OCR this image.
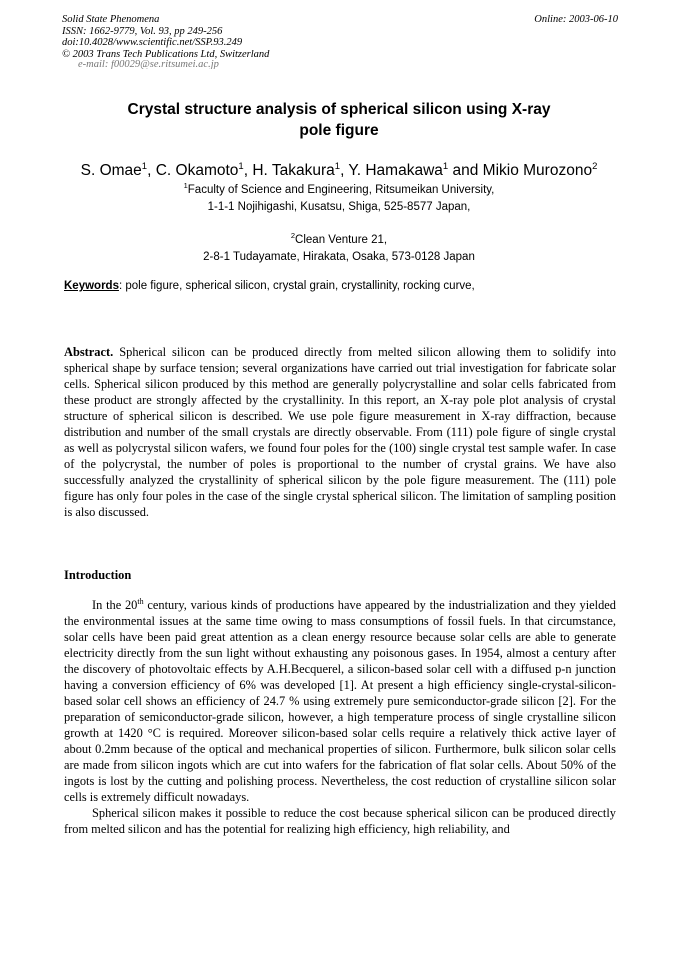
Solid State Phenomena
ISSN: 1662-9779, Vol. 93, pp 249-256
doi:10.4028/www.scientific.net/SSP.93.249
© 2003 Trans Tech Publications Ltd, Switzerland
e-mail: f00029@se.ritsumei.ac.jp
Online: 2003-06-10
Crystal structure analysis of spherical silicon using X-ray
pole figure
S. Omae$^1$, C. Okamoto$^1$, H. Takakura$^1$, Y. Hamakawa$^1$ and Mikio Murozono$^2$
$^1$Faculty of Science and Engineering, Ritsumeikan University,
1-1-1 Nojihigashi, Kusatsu, Shiga, 525-8577 Japan,
$^2$Clean Venture 21,
2-8-1 Tudayamate, Hirakata, Osaka, 573-0128 Japan
Keywords: pole figure, spherical silicon, crystal grain, crystallinity, rocking curve,

Abstract. Spherical silicon can be produced directly from melted silicon allowing them to solidify into spherical shape by surface tension; several organizations have carried out trial investigation for fabricate solar cells. Spherical silicon produced by this method are generally polycrystalline and solar cells fabricated from these product are strongly affected by the crystallinity. In this report, an X-ray pole plot analysis of crystal structure of spherical silicon is described. We use pole figure measurement in X-ray diffraction, because distribution and number of the small crystals are directly observable. From (111) pole figure of single crystal as well as polycrystal silicon wafers, we found four poles for the (100) single crystal test sample wafer. In case of the polycrystal, the number of poles is proportional to the number of crystal grains. We have also successfully analyzed the crystallinity of spherical silicon by the pole figure measurement. The (111) pole figure has only four poles in the case of the single crystal spherical silicon. The limitation of sampling position is also discussed.

Introduction

In the 20th century, various kinds of productions have appeared by the industrialization and they yielded the environmental issues at the same time owing to mass consumptions of fossil fuels. In that circumstance, solar cells have been paid great attention as a clean energy resource because solar cells are able to generate electricity directly from the sun light without exhausting any poisonous gases. In 1954, almost a century after the discovery of photovoltaic effects by A.H.Becquerel, a silicon-based solar cell with a diffused p-n junction having a conversion efficiency of 6% was developed [1]. At present a high efficiency single-crystal-silicon-based solar cell shows an efficiency of 24.7 % using extremely pure semiconductor-grade silicon [2]. For the preparation of semiconductor-grade silicon, however, a high temperature process of single crystalline silicon growth at 1420 °C is required. Moreover silicon-based solar cells require a relatively thick active layer of about 0.2mm because of the optical and mechanical properties of silicon. Furthermore, bulk silicon solar cells are made from silicon ingots which are cut into wafers for the fabrication of flat solar cells. About 50% of the ingots is lost by the cutting and polishing process. Nevertheless, the cost reduction of crystalline silicon solar cells is extremely difficult nowadays.

Spherical silicon makes it possible to reduce the cost because spherical silicon can be produced directly from melted silicon and has the potential for realizing high efficiency, high reliability, and
